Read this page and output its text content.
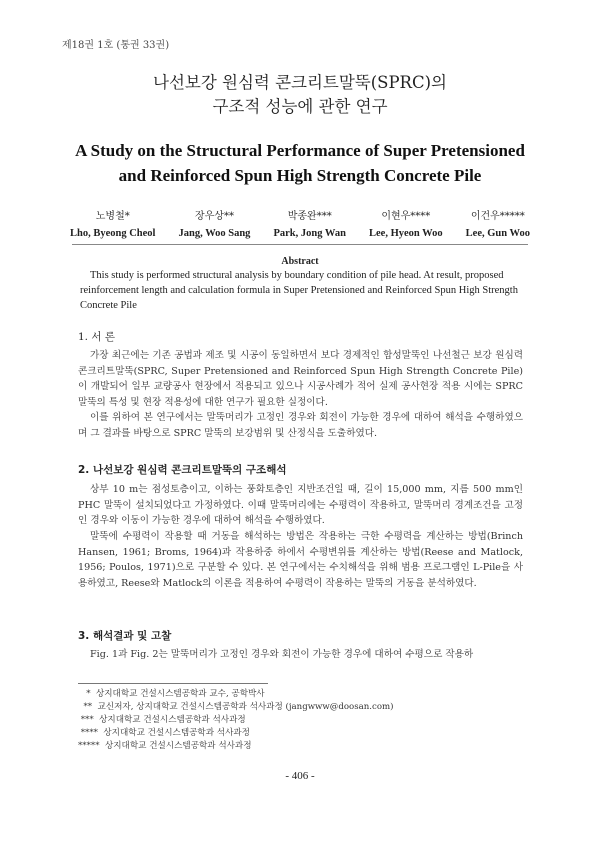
제18권 1호 (통권 33권)
나선보강 원심력 콘크리트말뚝(SPRC)의
구조적 성능에 관한 연구
A Study on the Structural Performance of Super Pretensioned
and Reinforced Spun High Strength Concrete Pile
노병철*
Lho, Byeong Cheol
장우상**
Jang, Woo Sang
박종완***
Park, Jong Wan
이현우****
Lee, Hyeon Woo
이건우*****
Lee, Gun Woo
Abstract

This study is performed structural analysis by boundary condition of pile head. At result, proposed reinforcement length and calculation formula in Super Pretensioned and Reinforced Spun High Strength Concrete Pile

1. 서 론

가장 최근에는 기존 공법과 제조 및 시공이 동일하면서 보다 경제적인 합성말뚝인 나선철근 보강 원심력 콘크리트말뚝(SPRC, Super Pretensioned and Reinforced Spun High Strength Concrete Pile)이 개발되어 일부 교량공사 현장에서 적용되고 있으나 시공사례가 적어 실제 공사현장 적용 시에는 SPRC 말뚝의 특성 및 현장 적용성에 대한 연구가 필요한 실정이다.

이를 위하여 본 연구에서는 말뚝머리가 고정인 경우와 회전이 가능한 경우에 대하여 해석을 수행하였으며 그 결과를 바탕으로 SPRC 말뚝의 보강범위 및 산정식을 도출하였다.

2. 나선보강 원심력 콘크리트말뚝의 구조해석

상부 10 m는 점성토층이고, 이하는 풍화토층인 지반조건일 때, 길이 15,000 mm, 지름 500 mm인 PHC 말뚝이 설치되었다고 가정하였다. 이때 말뚝머리에는 수평력이 작용하고, 말뚝머리 경계조건을 고정인 경우와 이동이 가능한 경우에 대하여 해석을 수행하였다.

말뚝에 수평력이 작용할 때 거동을 해석하는 방법은 작용하는 극한 수평력을 계산하는 방법(Brinch Hansen, 1961; Broms, 1964)과 작용하중 하에서 수평변위를 계산하는 방법(Reese and Matlock, 1956; Poulos, 1971)으로 구분할 수 있다. 본 연구에서는 수치해석을 위해 범용 프로그램인 L-Pile을 사용하였고, Reese와 Matlock의 이론을 적용하여 수평력이 작용하는 말뚝의 거동을 분석하였다.

3. 해석결과 및 고찰

Fig. 1과 Fig. 2는 말뚝머리가 고정인 경우와 회전이 가능한 경우에 대하여 수평으로 작용하

*  상지대학교 건설시스템공학과 교수, 공학박사

**  교신저자, 상지대학교 건설시스템공학과 석사과정 (jangwww@doosan.com)

***  상지대학교 건설시스템공학과 석사과정

****  상지대학교 건설시스템공학과 석사과정

*****  상지대학교 건설시스템공학과 석사과정

- 406 -
